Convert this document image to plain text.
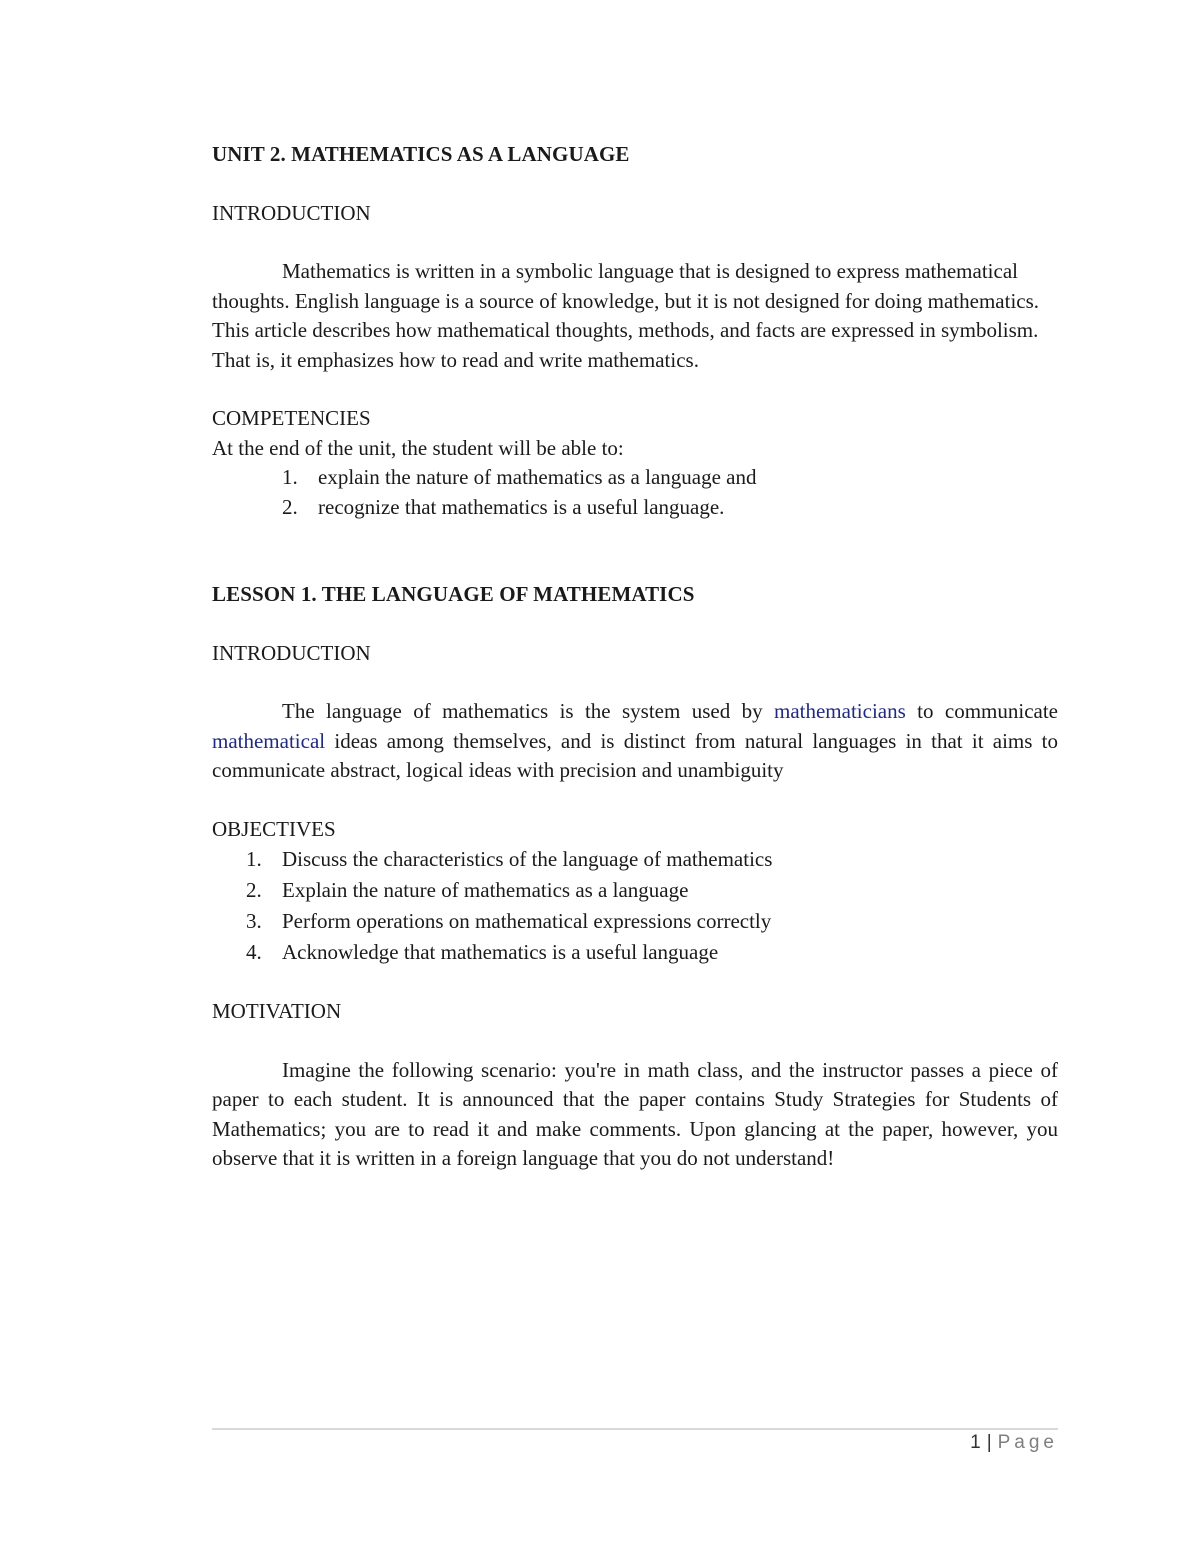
UNIT 2. MATHEMATICS AS A LANGUAGE

INTRODUCTION

Mathematics is written in a symbolic language that is designed to express mathematical thoughts. English language is a source of knowledge, but it is not designed for doing mathematics. This article describes how mathematical thoughts, methods, and facts are expressed in symbolism. That is, it emphasizes how to read and write mathematics.

COMPETENCIES

At the end of the unit, the student will be able to:

1. explain the nature of mathematics as a language and
2. recognize that mathematics is a useful language.

LESSON 1. THE LANGUAGE OF MATHEMATICS

INTRODUCTION

The language of mathematics is the system used by mathematicians to communicate mathematical ideas among themselves, and is distinct from natural languages in that it aims to communicate abstract, logical ideas with precision and unambiguity

OBJECTIVES

1. Discuss the characteristics of the language of mathematics
2. Explain the nature of mathematics as a language
3. Perform operations on mathematical expressions correctly
4. Acknowledge that mathematics is a useful language

MOTIVATION

Imagine the following scenario: you're in math class, and the instructor passes a piece of paper to each student. It is announced that the paper contains Study Strategies for Students of Mathematics; you are to read it and make comments. Upon glancing at the paper, however, you observe that it is written in a foreign language that you do not understand!

1 | Page
